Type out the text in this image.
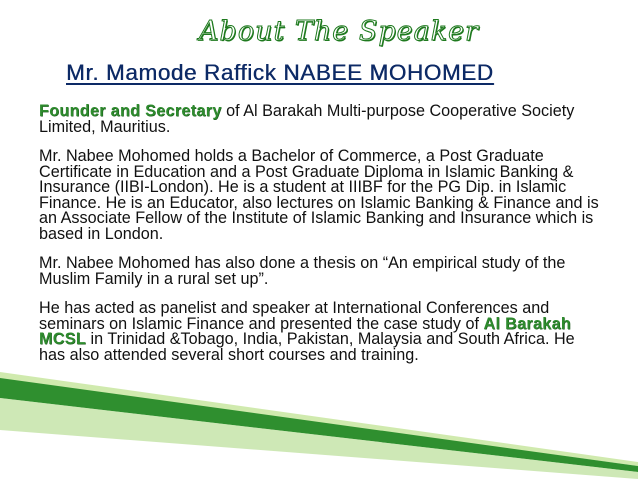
About The Speaker
Mr. Mamode Raffick NABEE MOHOMED

Founder and Secretary of Al Barakah Multi-purpose Cooperative Society Limited, Mauritius.

Mr. Nabee Mohomed holds a Bachelor of Commerce, a Post Graduate Certificate in Education and a Post Graduate Diploma in Islamic Banking & Insurance (IIBI-London). He is a student at IIIBF for the PG Dip. in Islamic Finance. He is an Educator, also lectures on Islamic Banking & Finance and is an Associate Fellow of the Institute of Islamic Banking and Insurance which is based in London.

Mr. Nabee Mohomed has also done a thesis on “An empirical study of the Muslim Family in a rural set up”.

He has acted as panelist and speaker at International Conferences and seminars on Islamic Finance and presented the case study of Al Barakah MCSL in Trinidad &Tobago, India, Pakistan, Malaysia and South Africa. He has also attended several short courses and training.
